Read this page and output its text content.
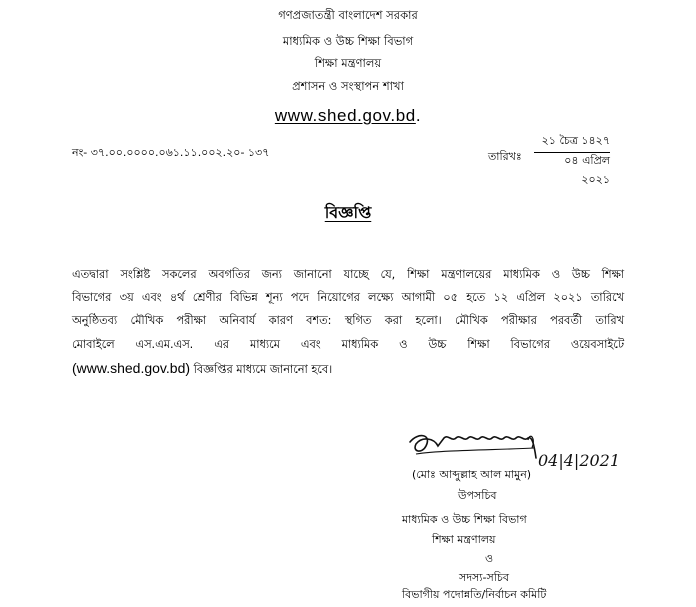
গণপ্রজাতন্ত্রী বাংলাদেশ সরকার
মাধ্যমিক ও উচ্চ শিক্ষা বিভাগ
শিক্ষা মন্ত্রণালয়
প্রশাসন ও সংস্থাপন শাখা
www.shed.gov.bd.
নং- ৩৭.০০.০০০০.০৬১.১১.০০২.২০- ১৩৭	তারিখঃ
২১ চৈত্র ১৪২৭
০৪ এপ্রিল ২০২১
বিজ্ঞপ্তি
এতদ্বারা সংশ্লিষ্ট সকলের অবগতির জন্য জানানো যাচ্ছে যে, শিক্ষা মন্ত্রণালয়ের মাধ্যমিক ও উচ্চ শিক্ষা
বিভাগের ৩য় এবং ৪র্থ শ্রেণীর বিভিন্ন শূন্য পদে নিয়োগের লক্ষ্যে আগামী ০৫ হতে ১২ এপ্রিল ২০২১ তারিখে
অনুষ্ঠিতব্য মৌখিক পরীক্ষা অনিবার্য কারণ বশত: স্থগিত করা হলো। মৌখিক পরীক্ষার পরবর্তী তারিখ
মোবাইলে এস.এম.এস. এর মাধ্যমে এবং মাধ্যমিক ও উচ্চ শিক্ষা বিভাগের ওয়েবসাইটে
(www.shed.gov.bd) বিজ্ঞপ্তির মাধ্যমে জানানো হবে।
04|4|2021
(মোঃ আব্দুল্লাহ আল মামুন)
উপসচিব
মাধ্যমিক ও উচ্চ শিক্ষা বিভাগ
শিক্ষা মন্ত্রণালয়
ও
সদস্য-সচিব
বিভাগীয় পদোন্নতি/নির্বাচন কমিটি
